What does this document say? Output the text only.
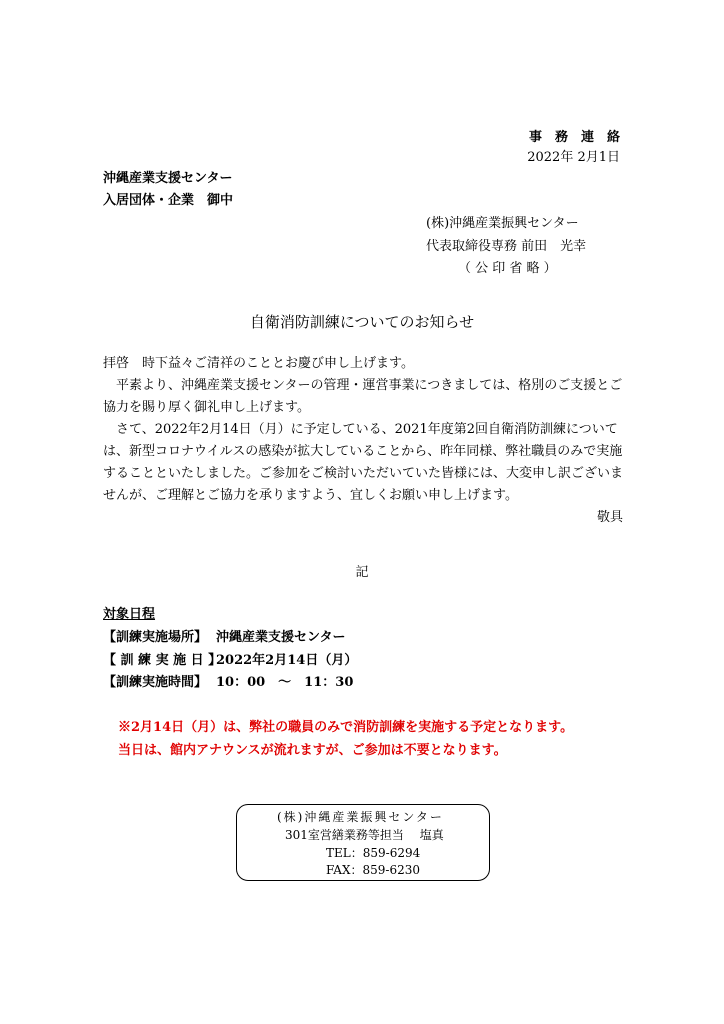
事　務　連　絡
2022年 2月1日
沖縄産業支援センター
入居団体・企業　御中
(株)沖縄産業振興センター
代表取締役専務 前田　光幸
（ 公 印 省 略 ）
自衛消防訓練についてのお知らせ

拝啓　時下益々ご清祥のこととお慶び申し上げます。

　平素より、沖縄産業支援センターの管理・運営事業につきましては、格別のご支援とご協力を賜り厚く御礼申し上げます。

　さて、2022年2月14日（月）に予定している、2021年度第2回自衛消防訓練については、新型コロナウイルスの感染が拡大していることから、昨年同様、弊社職員のみで実施することといたしました。ご参加をご検討いただいていた皆様には、大変申し訳ございませんが、ご理解とご協力を承りますよう、宜しくお願い申し上げます。

敬具

記
対象日程
【訓練実施場所】 沖縄産業支援センター
【 訓 練 実 施 日 】
2022年2月14日（月）
【訓練実施時間】 10：00　～　11：30
※2月14日（月）は、弊社の職員のみで消防訓練を実施する予定となります。
当日は、館内アナウンスが流れますが、ご参加は不要となります。
(株)沖縄産業振興センター
301室営繕業務等担当　 塩真
TEL：859-6294
FAX：859-6230
